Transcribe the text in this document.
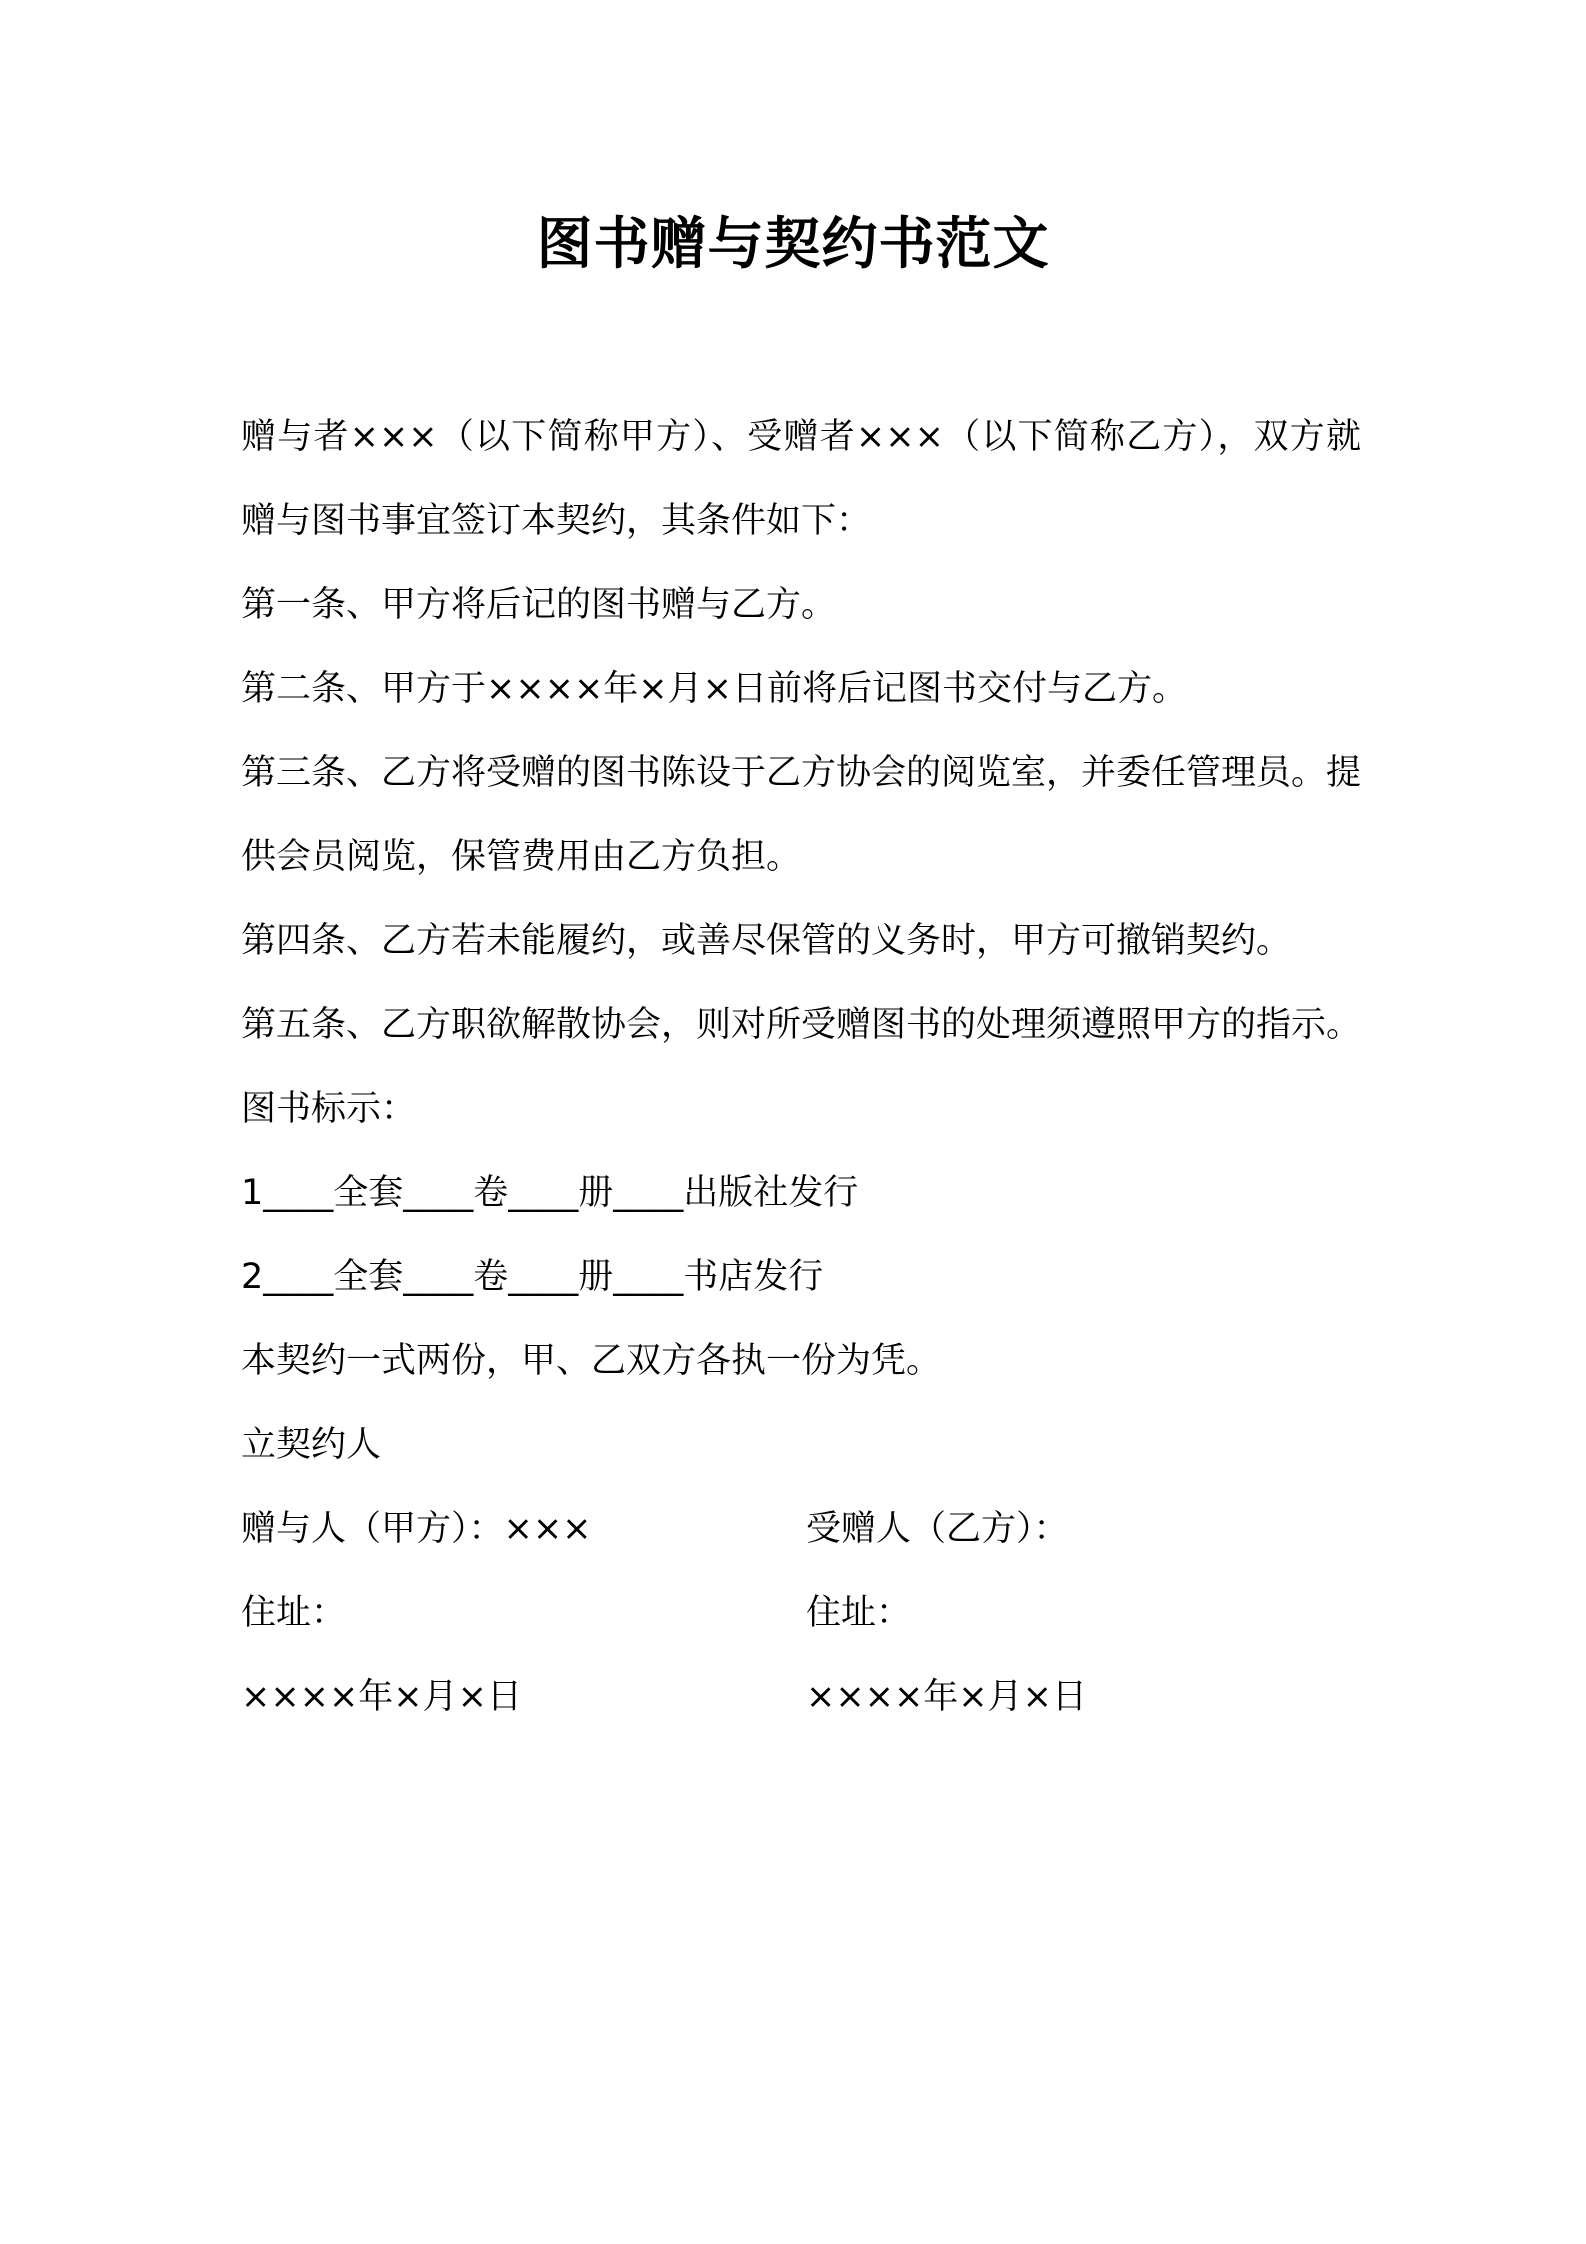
图书赠与契约书范文
赠与者×××（以下简称甲方）、受赠者×××（以下简称乙方），双方就赠与图书事宜签订本契约，其条件如下：
第一条、甲方将后记的图书赠与乙方。
第二条、甲方于××××年×月×日前将后记图书交付与乙方。
第三条、乙方将受赠的图书陈设于乙方协会的阅览室，并委任管理员。提供会员阅览，保管费用由乙方负担。
第四条、乙方若未能履约，或善尽保管的义务时，甲方可撤销契约。
第五条、乙方职欲解散协会，则对所受赠图书的处理须遵照甲方的指示。
图书标示：
1____全套____卷____册____出版社发行
2____全套____卷____册____书店发行
本契约一式两份，甲、乙双方各执一份为凭。
立契约人
赠与人（甲方）：×××	受赠人（乙方）：
住址：	住址：
××××年×月×日	××××年×月×日
